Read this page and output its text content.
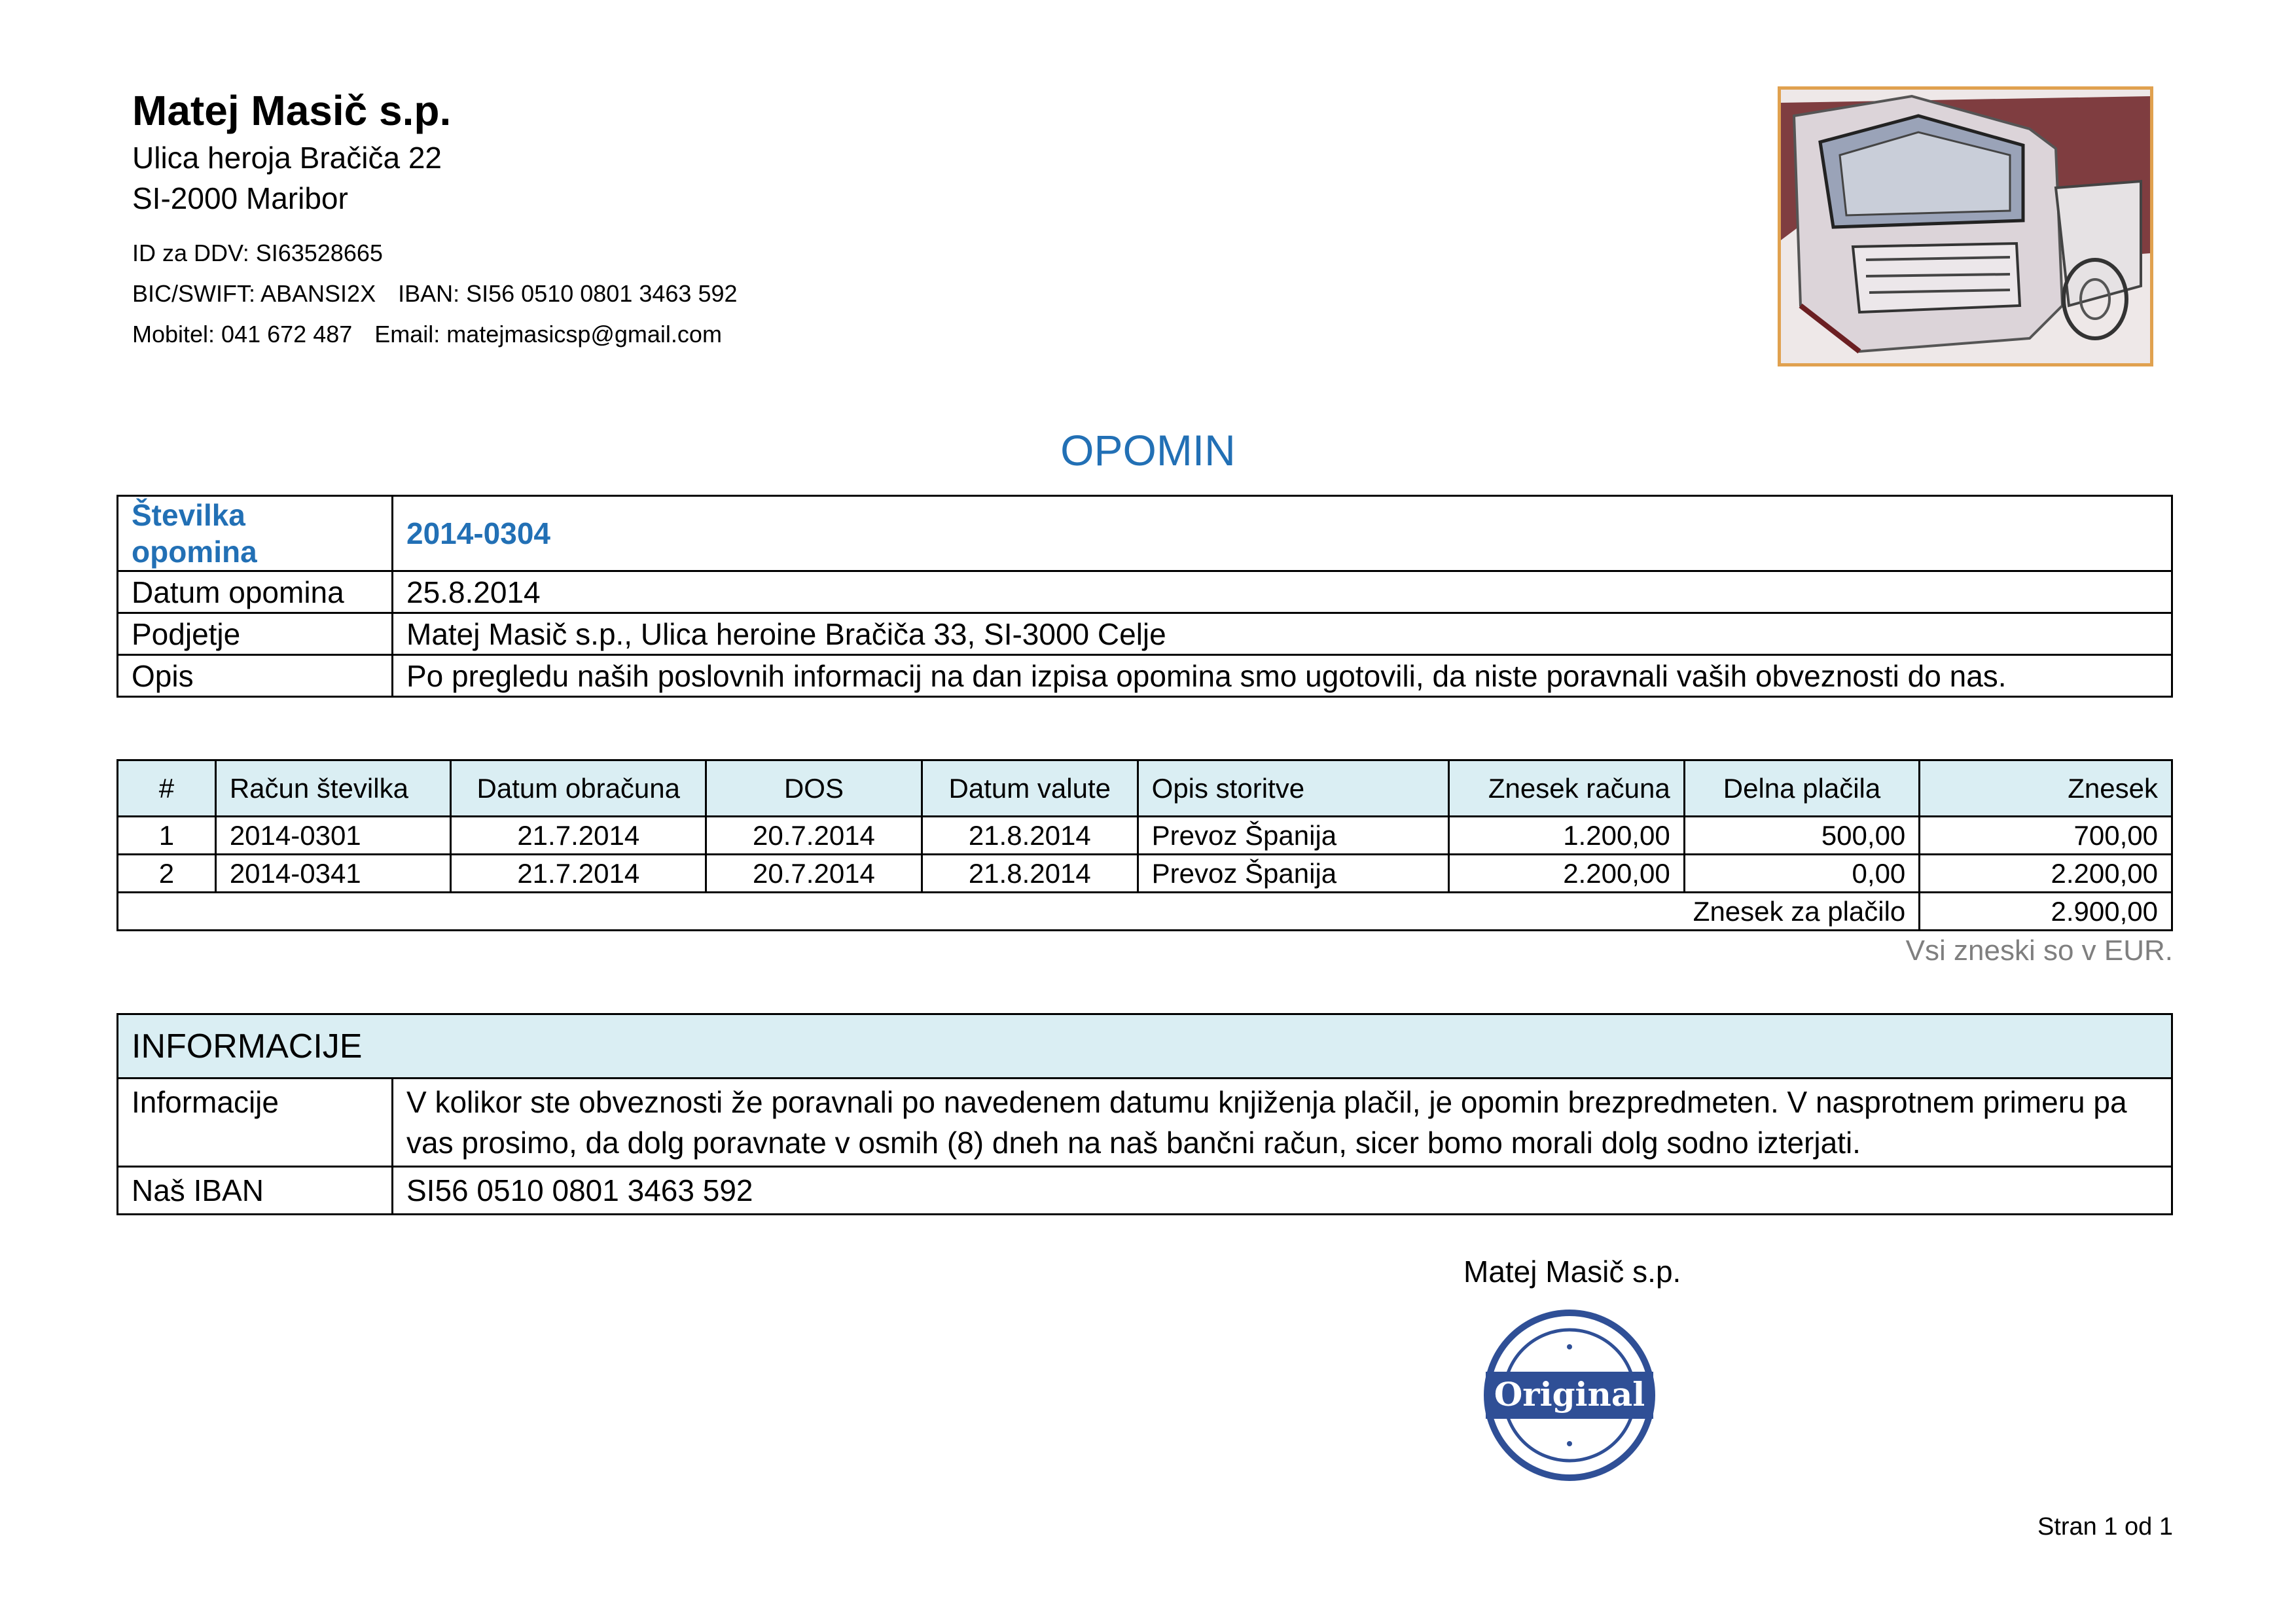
Matej Masič s.p.
Ulica heroja Bračiča 22
SI-2000 Maribor
ID za DDV: SI63528665
BIC/SWIFT: ABANSI2X IBAN: SI56 0510 0801 3463 592
Mobitel: 041 672 487 Email: matejmasicsp@gmail.com
OPOMIN
Številka opomina	2014-0304
Datum opomina	25.8.2014
Podjetje	Matej Masič s.p., Ulica heroine Bračiča 33, SI-3000 Celje
Opis	Po pregledu naših poslovnih informacij na dan izpisa opomina smo ugotovili, da niste poravnali vaših obveznosti do nas.
#	Račun številka	Datum obračuna	DOS	Datum valute	Opis storitve	Znesek računa	Delna plačila	Znesek
1	2014-0301	21.7.2014	20.7.2014	21.8.2014	Prevoz Španija	1.200,00	500,00	700,00
2	2014-0341	21.7.2014	20.7.2014	21.8.2014	Prevoz Španija	2.200,00	0,00	2.200,00
Znesek za plačilo								2.900,00
Vsi zneski so v EUR.
INFORMACIJE	
Informacije	V kolikor ste obveznosti že poravnali po navedenem datumu knjiženja plačil, je opomin brezpredmeten. V nasprotnem primeru pa vas prosimo, da dolg poravnate v osmih (8) dneh na naš bančni račun, sicer bomo morali dolg sodno izterjati.
Naš IBAN	SI56 0510 0801 3463 592
Matej Masič s.p.
Original
Stran 1 od 1
